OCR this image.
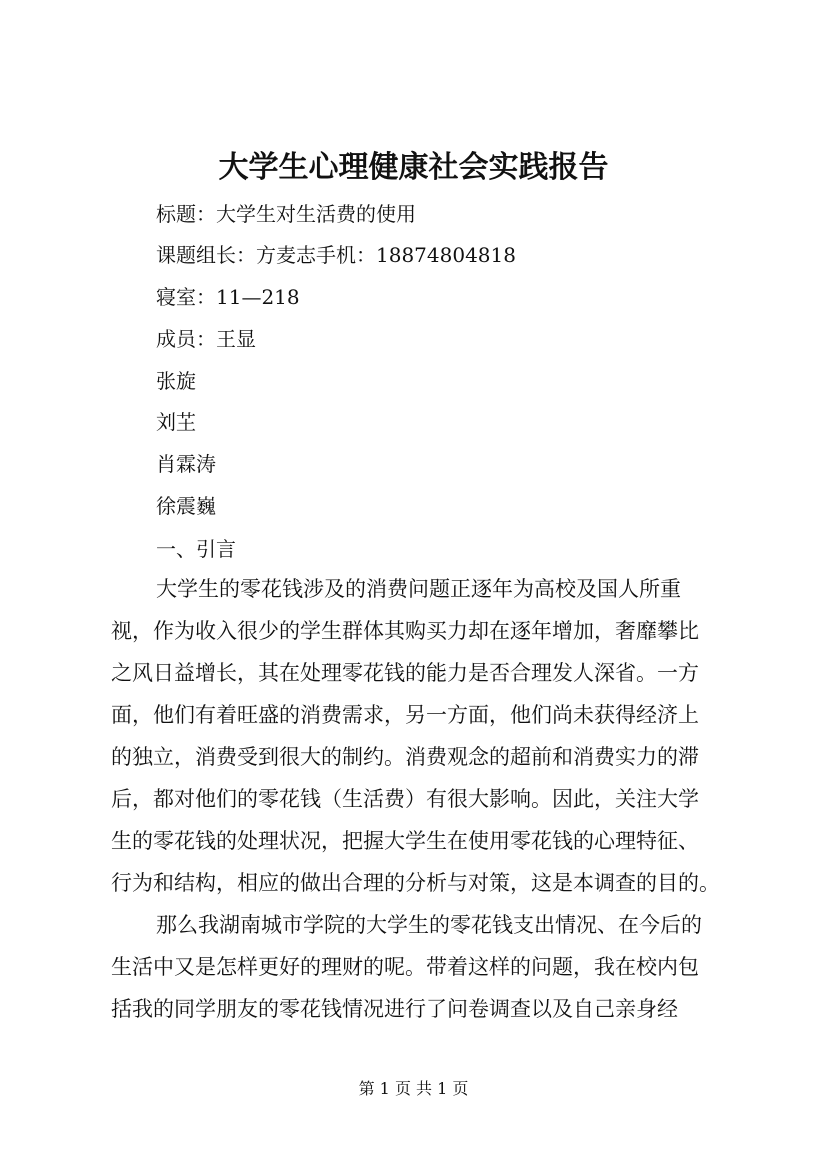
大学生心理健康社会实践报告
标题：大学生对生活费的使用
课题组长：方麦志手机：18874804818
寝室：11—218
成员：王显
张旋
刘芏
肖霖涛
徐震巍
一、引言
大学生的零花钱涉及的消费问题正逐年为高校及国人所重
视，作为收入很少的学生群体其购买力却在逐年增加，奢靡攀比
之风日益增长，其在处理零花钱的能力是否合理发人深省。一方
面，他们有着旺盛的消费需求，另一方面，他们尚未获得经济上
的独立，消费受到很大的制约。消费观念的超前和消费实力的滞
后，都对他们的零花钱（生活费）有很大影响。因此，关注大学
生的零花钱的处理状况，把握大学生在使用零花钱的心理特征、
行为和结构，相应的做出合理的分析与对策，这是本调查的目的。
那么我湖南城市学院的大学生的零花钱支出情况、在今后的
生活中又是怎样更好的理财的呢。带着这样的问题，我在校内包
括我的同学朋友的零花钱情况进行了问卷调查以及自己亲身经
第 1 页 共 1 页
